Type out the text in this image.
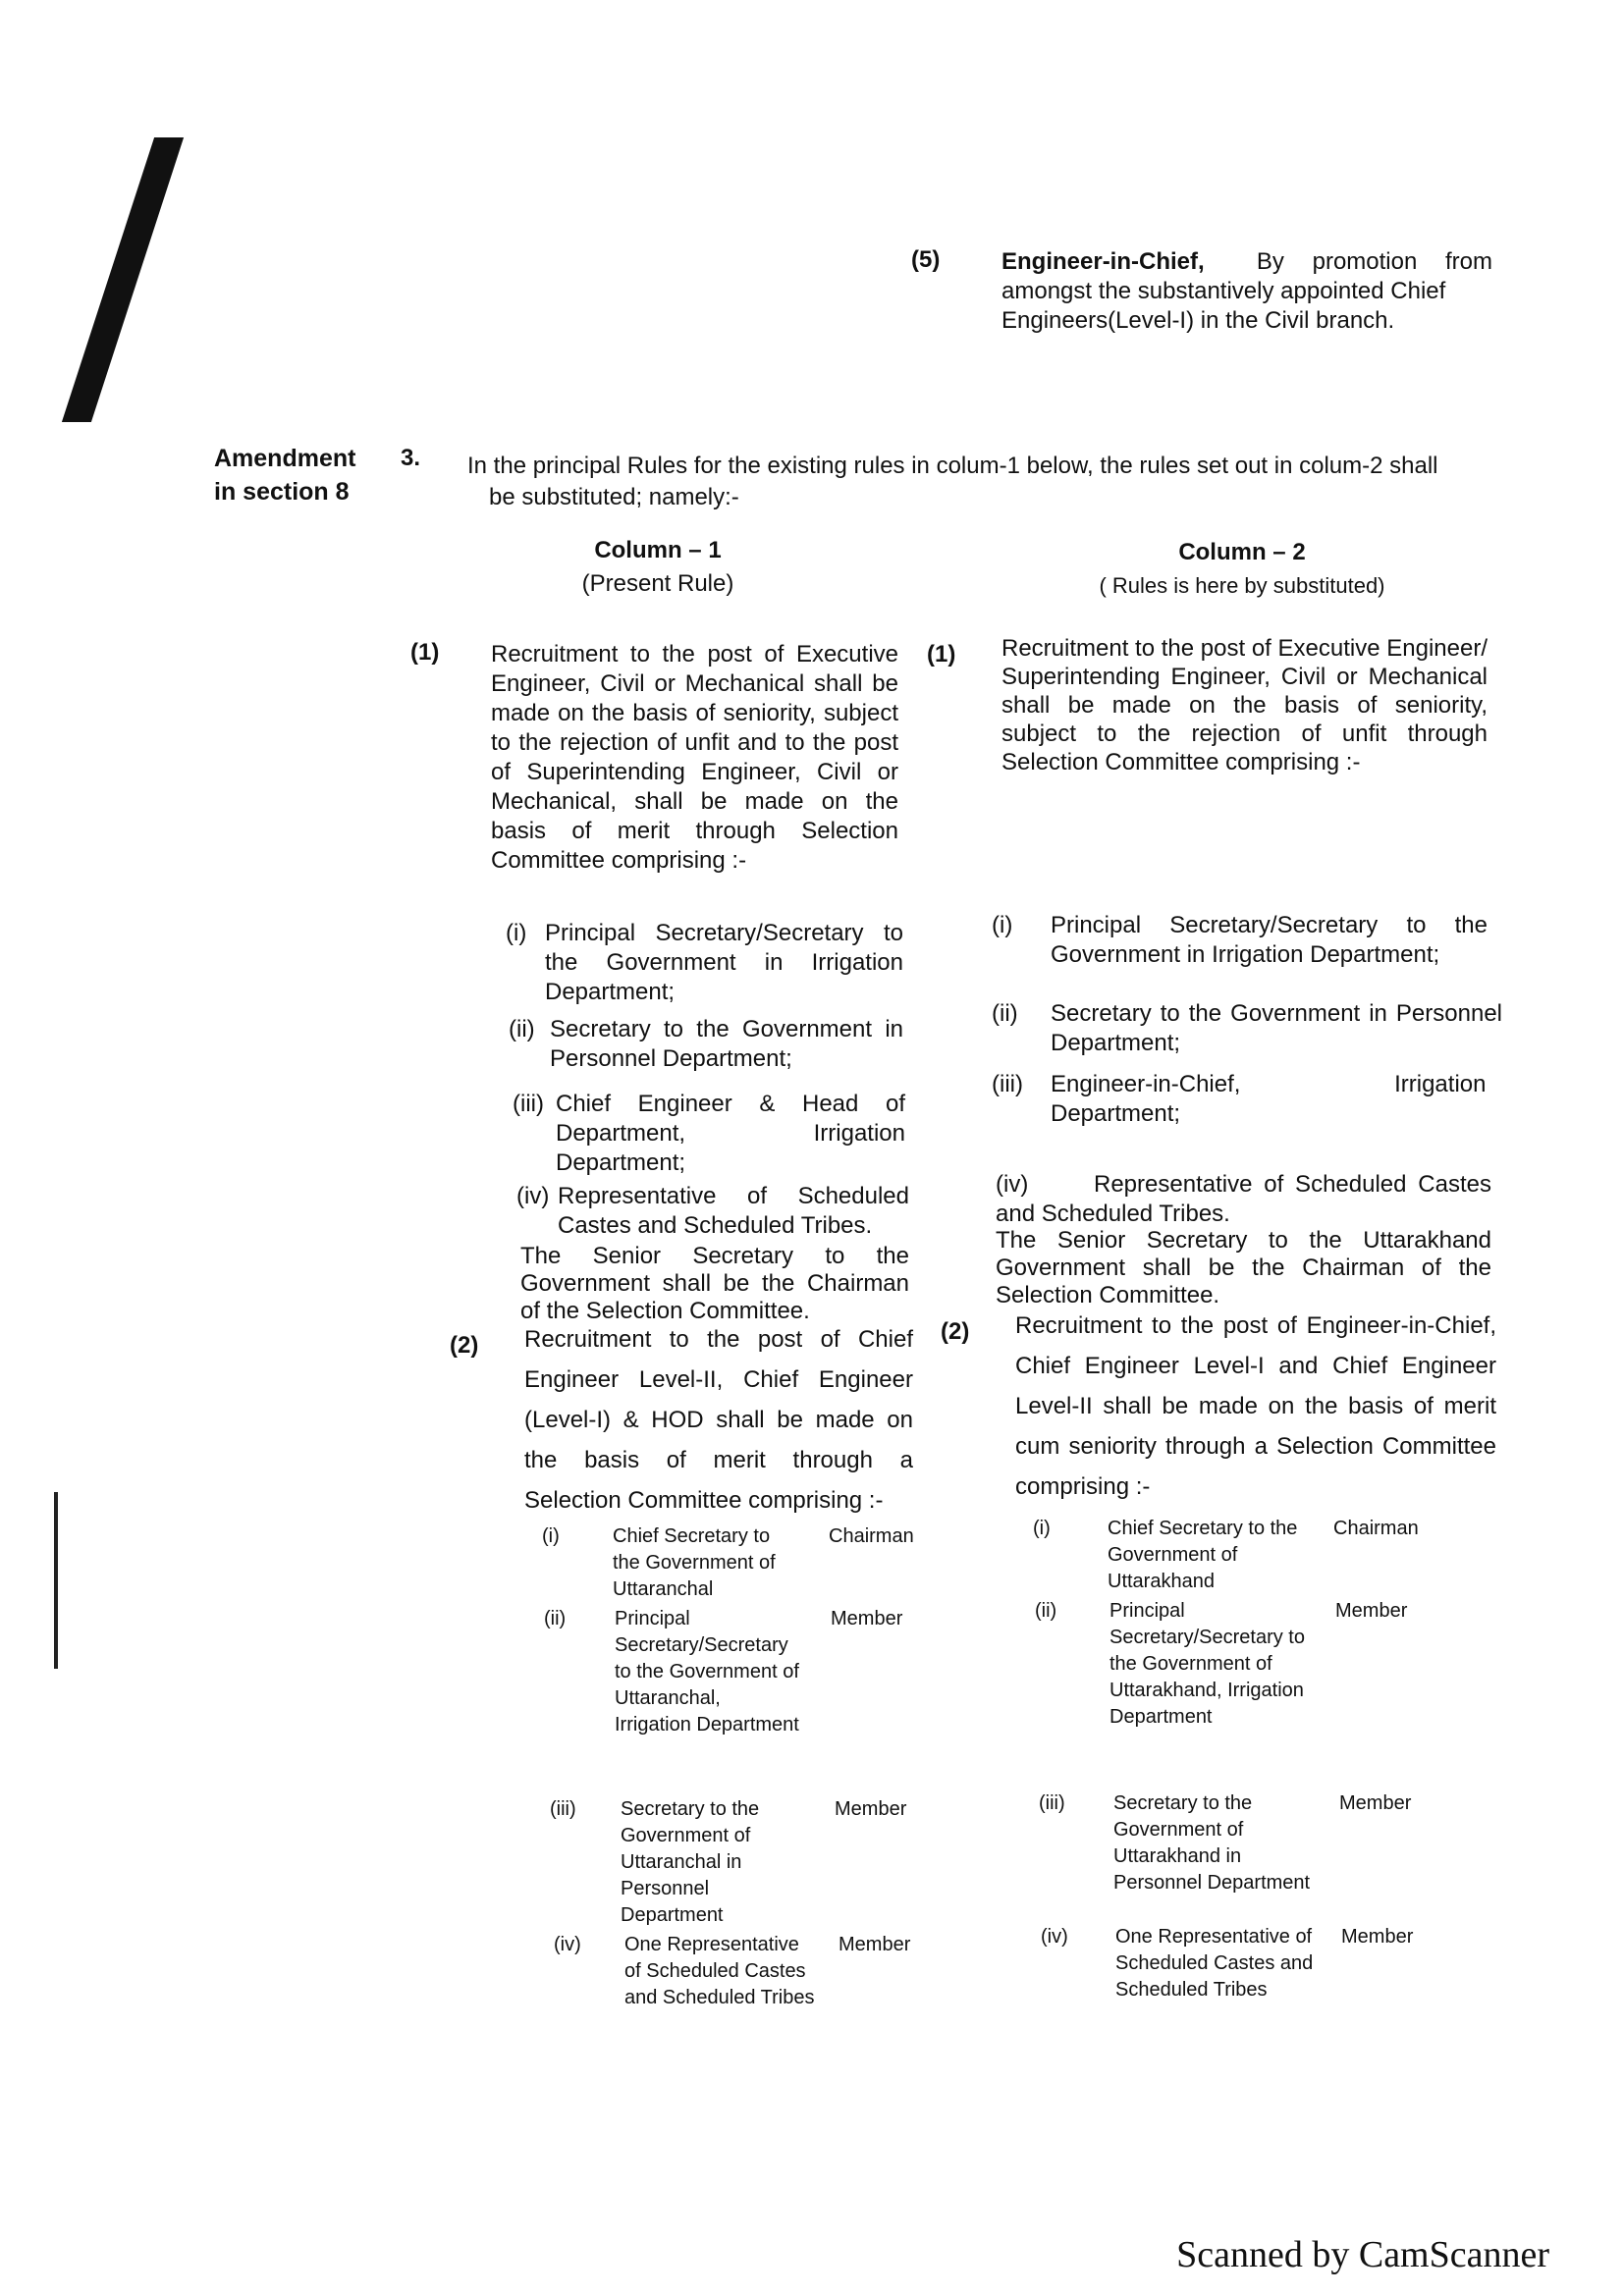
(5)	Engineer-in-Chief, By promotion from
amongst the substantively appointed Chief
Engineers(Level-I) in the Civil branch.
Amendment
in section 8
3. In the principal Rules for the existing rules in colum-1 below, the rules set out in colum-2 shall
be substituted; namely:-
Column – 1
(Present Rule)
Column – 2
( Rules is here by substituted)
(1) Recruitment to the post of Executive Engineer, Civil or Mechanical shall be made on the basis of seniority, subject to the rejection of unfit and to the post of Superintending Engineer, Civil or Mechanical, shall be made on the basis of merit through Selection Committee comprising :-
(i) Principal Secretary/Secretary to the Government in Irrigation Department;
(ii) Secretary to the Government in Personnel Department;
(iii) Chief Engineer & Head of Department, Irrigation Department;
(iv) Representative of Scheduled Castes and Scheduled Tribes.
The Senior Secretary to the Government shall be the Chairman of the Selection Committee.
(2) Recruitment to the post of Chief Engineer Level-II, Chief Engineer (Level-I) & HOD shall be made on the basis of merit through a Selection Committee comprising :-
(i)	Chief Secretary to the Government of Uttaranchal
Chairman
(ii)	Principal Secretary/Secretary to the Government of Uttaranchal, Irrigation Department
Member
(iii)	Secretary to the Government of Uttaranchal in Personnel Department
Member
(iv)	One Representative of Scheduled Castes and Scheduled Tribes
Member
(1) Recruitment to the post of Executive Engineer/ Superintending Engineer, Civil or Mechanical shall be made on the basis of seniority, subject to the rejection of unfit through Selection Committee comprising :-
(i)	Principal Secretary/Secretary to the Government in Irrigation Department;
(ii)	Secretary to the Government in Personnel Department;
(iii)	Engineer-in-Chief, Irrigation Department;
(iv)	Representative of Scheduled Castes and Scheduled Tribes.
The Senior Secretary to the Uttarakhand Government shall be the Chairman of the Selection Committee.
(2) Recruitment to the post of Engineer-in-Chief, Chief Engineer Level-I and Chief Engineer Level-II shall be made on the basis of merit cum seniority through a Selection Committee comprising :-
(i)	Chief Secretary to the Government of Uttarakhand
Chairman
(ii)	Principal Secretary/Secretary to the Government of Uttarakhand, Irrigation Department
Member
(iii)	Secretary to the Government of Uttarakhand in Personnel Department
Member
(iv)	One Representative of Scheduled Castes and Scheduled Tribes
Member
Scanned by CamScanner
